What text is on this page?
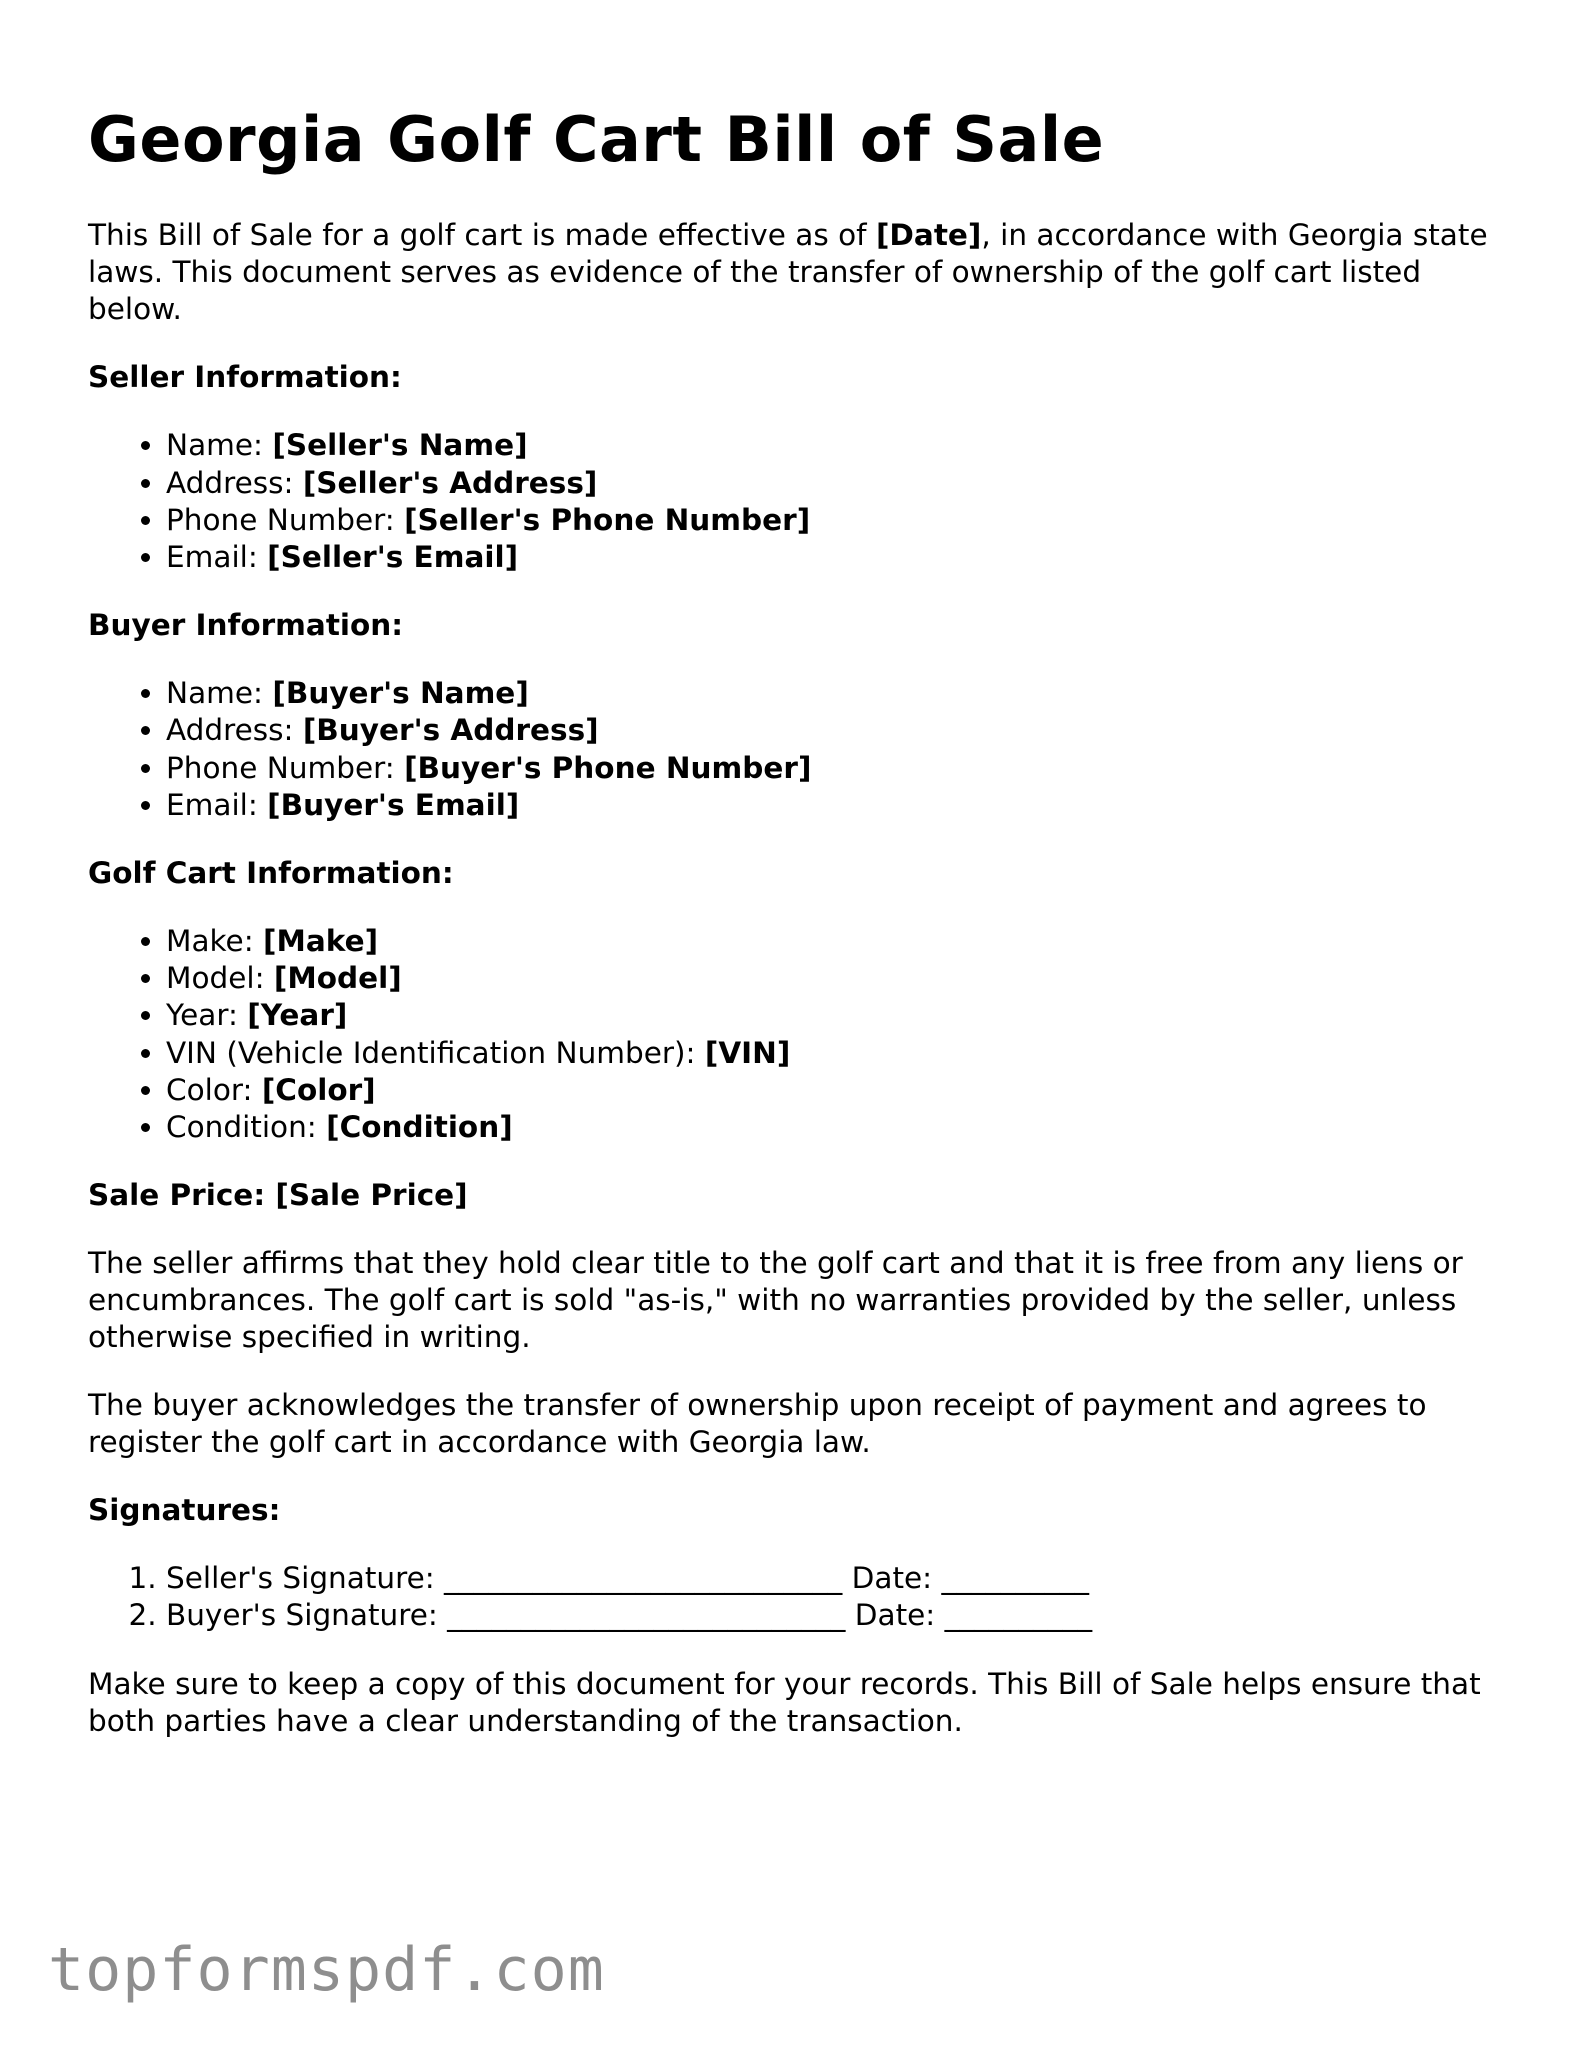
Georgia Golf Cart Bill of Sale

This Bill of Sale for a golf cart is made effective as of [Date], in accordance with Georgia state laws. This document serves as evidence of the transfer of ownership of the golf cart listed below.

Seller Information:
• Name: [Seller's Name]
• Address: [Seller's Address]
• Phone Number: [Seller's Phone Number]
• Email: [Seller's Email]
Buyer Information:
• Name: [Buyer's Name]
• Address: [Buyer's Address]
• Phone Number: [Buyer's Phone Number]
• Email: [Buyer's Email]
Golf Cart Information:
• Make: [Make]
• Model: [Model]
• Year: [Year]
• VIN (Vehicle Identification Number): [VIN]
• Color: [Color]
• Condition: [Condition]
Sale Price: [Sale Price]

The seller affirms that they hold clear title to the golf cart and that it is free from any liens or encumbrances. The golf cart is sold "as-is," with no warranties provided by the seller, unless otherwise specified in writing.

The buyer acknowledges the transfer of ownership upon receipt of payment and agrees to register the golf cart in accordance with Georgia law.

Signatures:
1. Seller's Signature: ___________________________ Date: __________
2. Buyer's Signature: ___________________________ Date: __________

Make sure to keep a copy of this document for your records. This Bill of Sale helps ensure that both parties have a clear understanding of the transaction.

topformspdf.com
